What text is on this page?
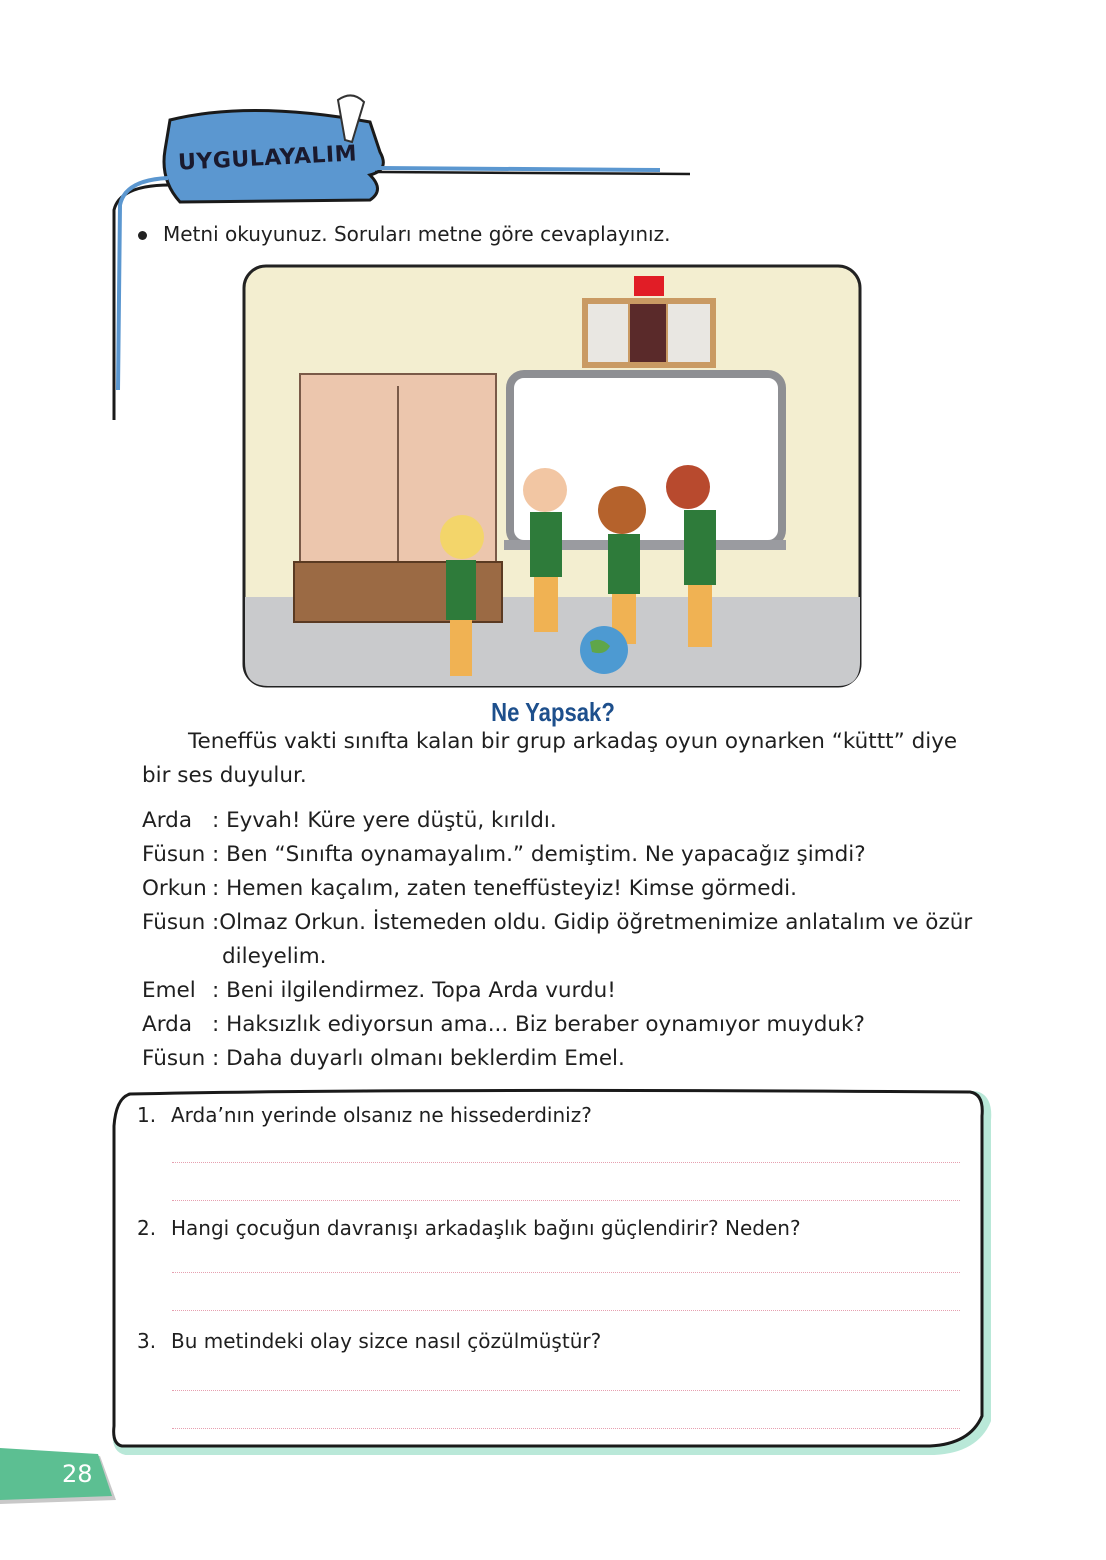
UYGULAYALIM
Metni okuyunuz. Soruları metne göre cevaplayınız.
Ne Yapsak?
Teneffüs vakti sınıfta kalan bir grup arkadaş oyun oynarken “küttt” diye
bir ses duyulur.
Arda : Eyvah! Küre yere düştü, kırıldı.
Füsun : Ben “Sınıfta oynamayalım.” demiştim. Ne yapacağız şimdi?
Orkun : Hemen kaçalım, zaten teneffüsteyiz! Kimse görmedi.
Füsun :Olmaz Orkun. İstemeden oldu. Gidip öğretmenimize anlatalım ve özür
dileyelim.
Emel : Beni ilgilendirmez. Topa Arda vurdu!
Arda : Haksızlık ediyorsun ama... Biz beraber oynamıyor muyduk?
Füsun : Daha duyarlı olmanı beklerdim Emel.
1. Arda’nın yerinde olsanız ne hissederdiniz?
2. Hangi çocuğun davranışı arkadaşlık bağını güçlendirir? Neden?
3. Bu metindeki olay sizce nasıl çözülmüştür?
28
